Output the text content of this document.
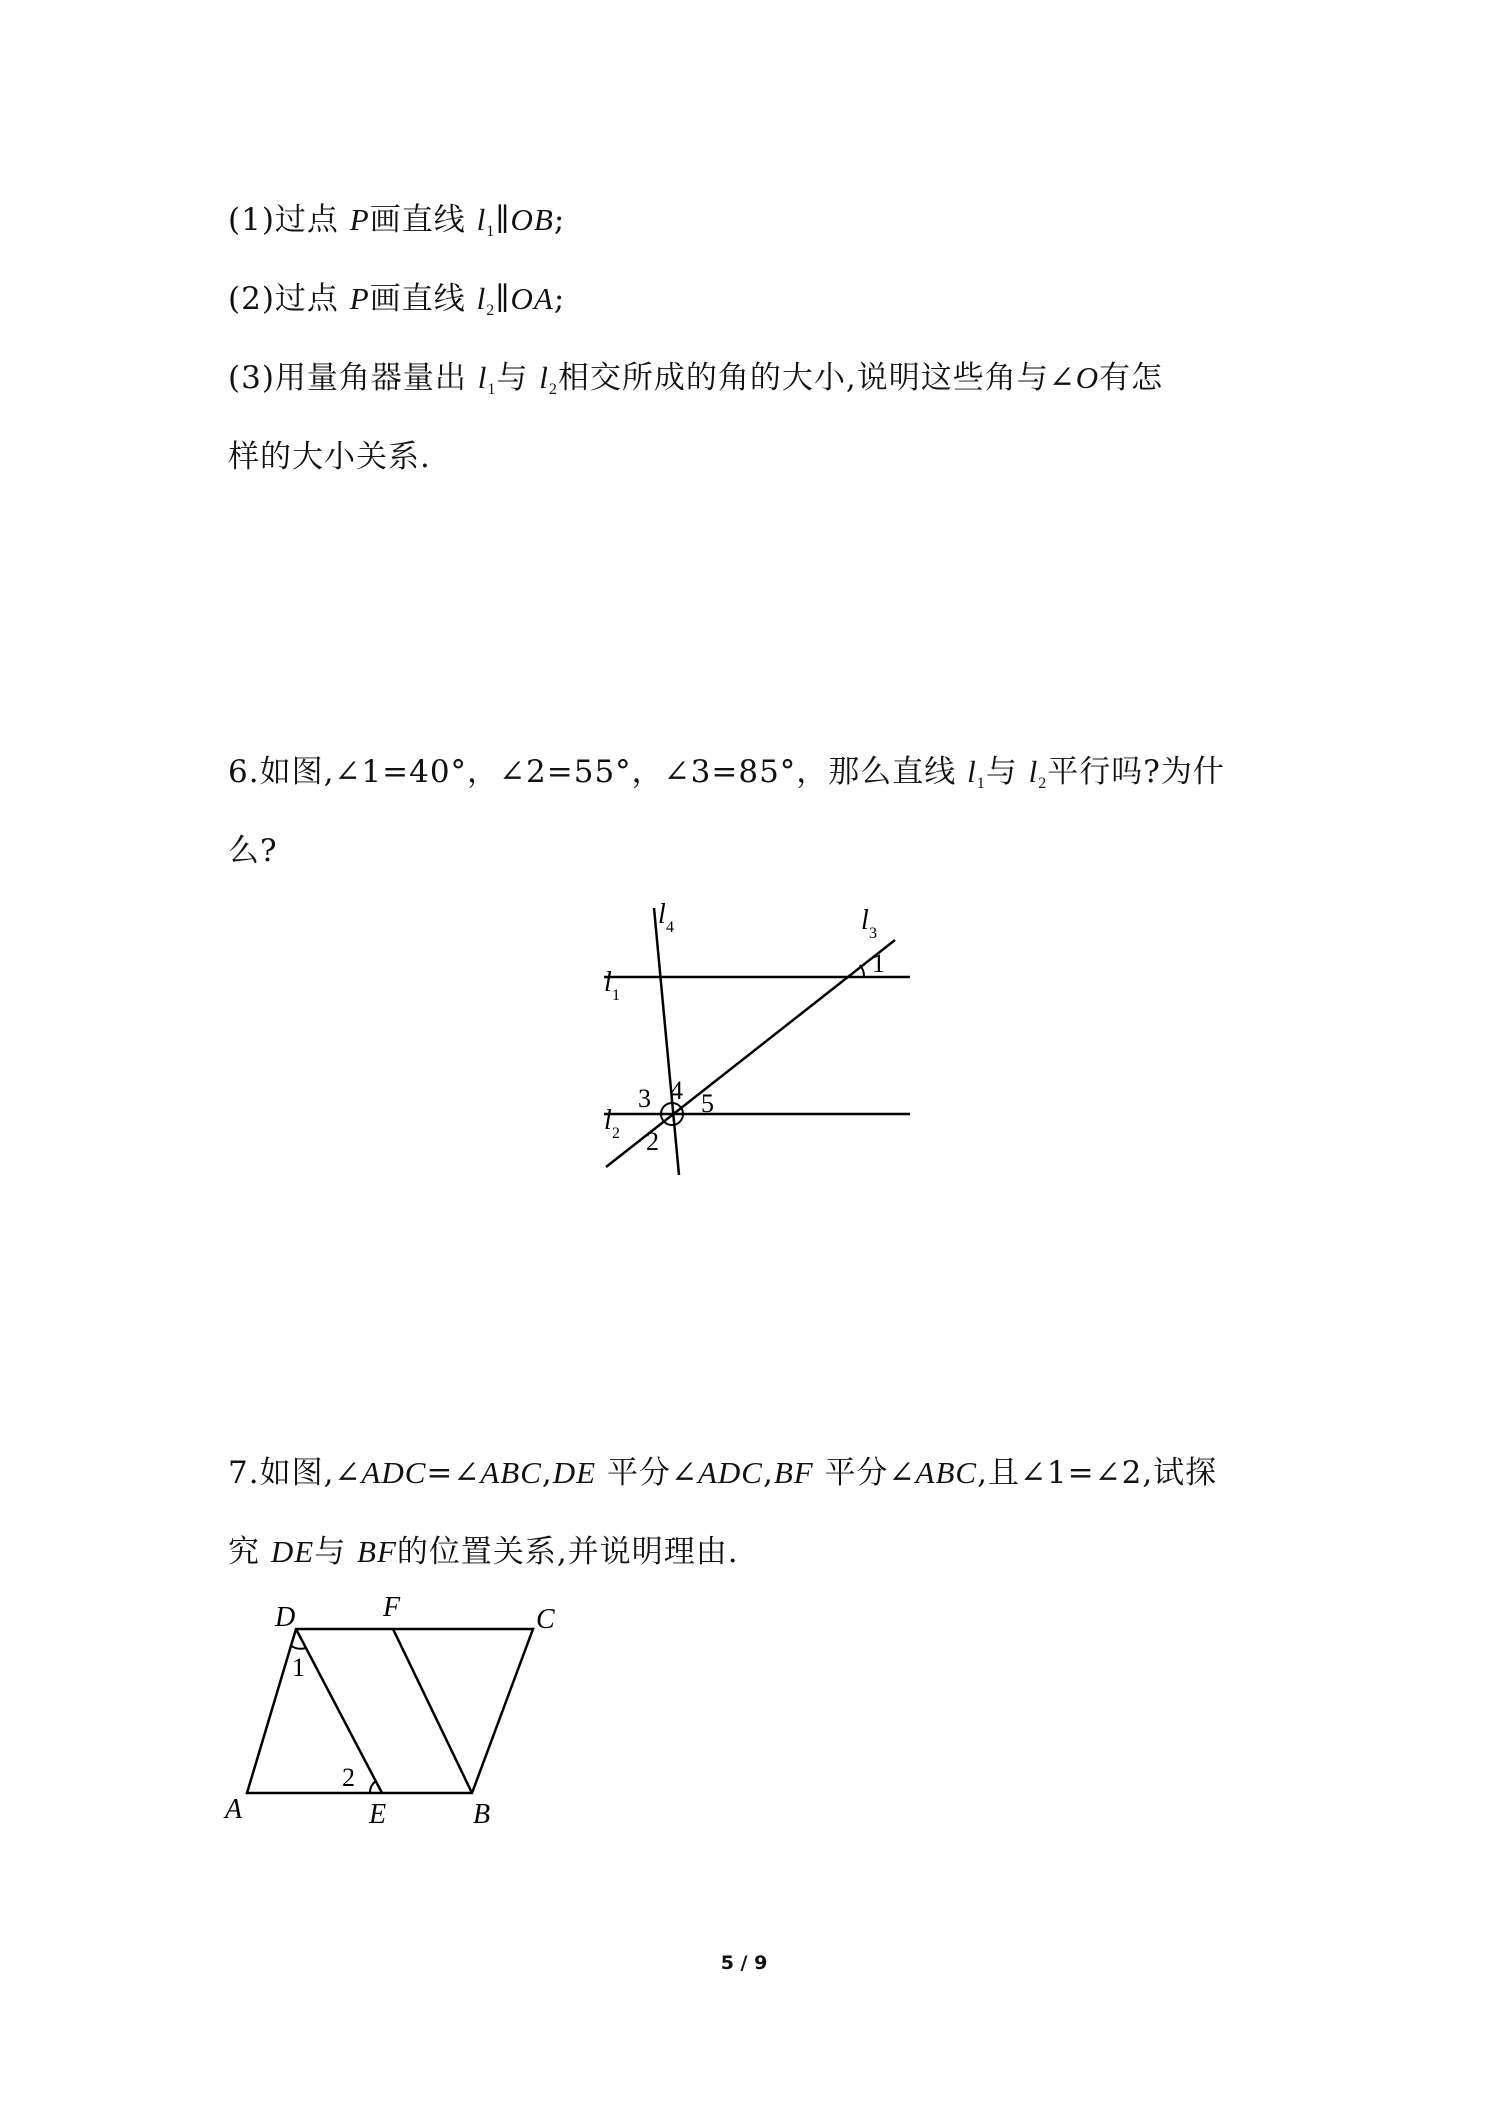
(1)过点 P画直线 $l_1\parallel OB$;
(2)过点 P画直线 $l_2\parallel OA$;
(3)用量角器量出 $l_1$与 $l_2$相交所成的角的大小,说明这些角与∠O有怎
样的大小关系.
6.如图,∠1=40°，∠2=55°，∠3=85°，那么直线 $l_1$与 $l_2$平行吗?为什
么?
l 1
l 2
l 3
l 4
1
3 4 5
2
7.如图,∠ADC=∠ABC,DE 平分∠ADC,BF 平分∠ABC,且∠1=∠2,试探
究 DE与 BF的位置关系,并说明理由.
D	F	C
A	E	B
1
2
5 / 9
